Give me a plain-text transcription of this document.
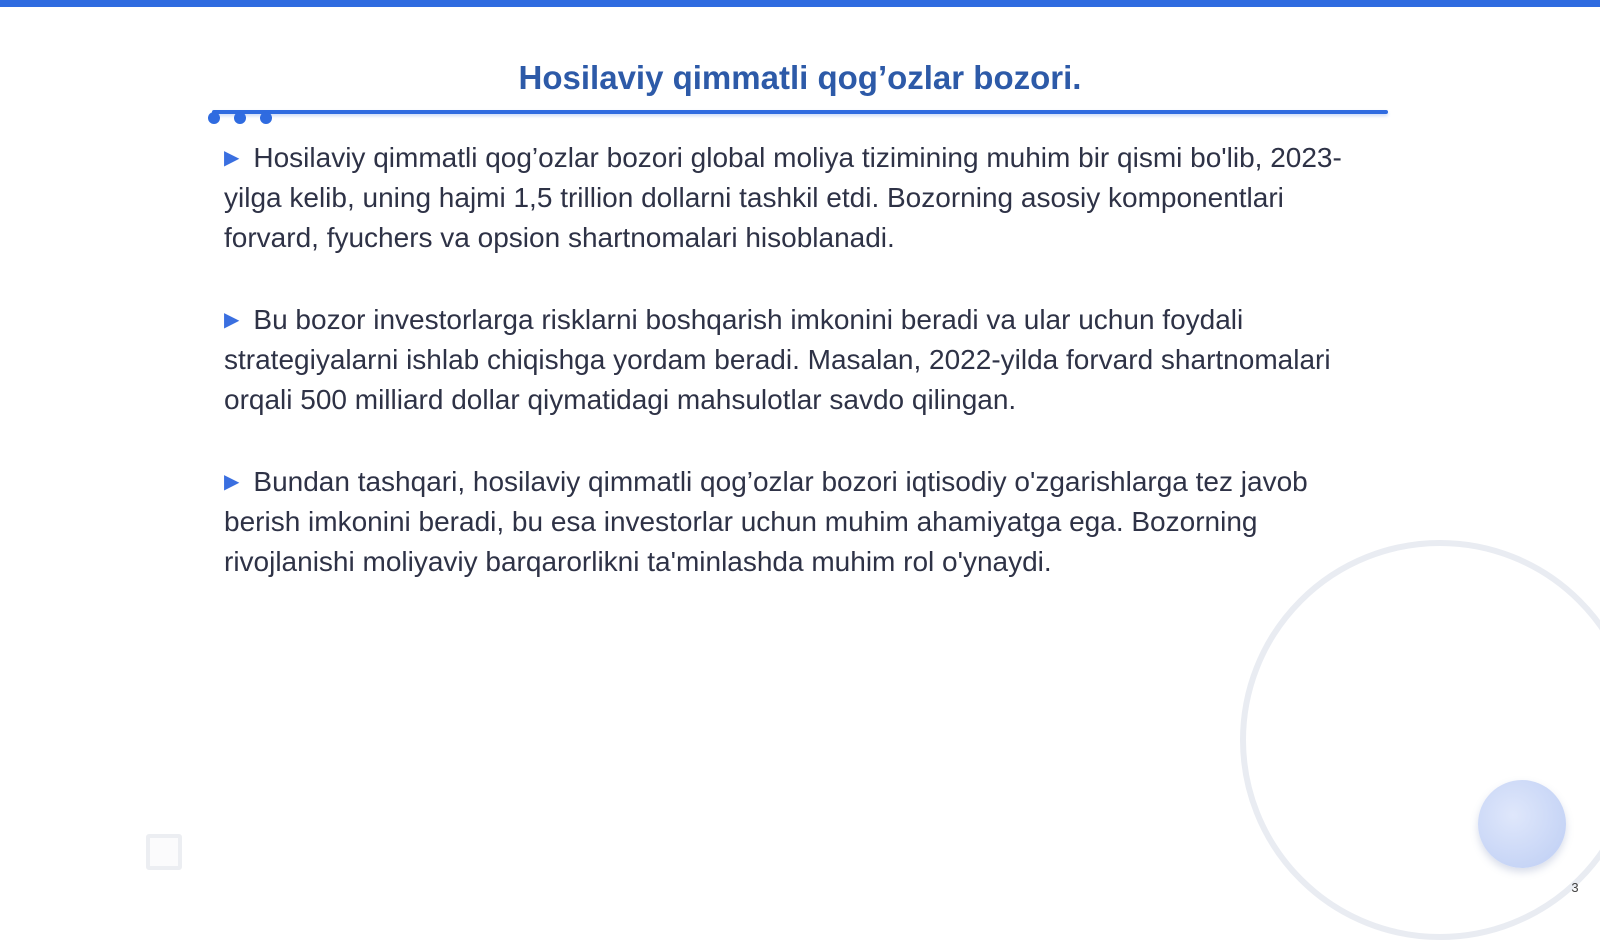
Hosilaviy qimmatli qog’ozlar bozori.

▶ Hosilaviy qimmatli qog’ozlar bozori global moliya tizimining muhim bir qismi bo'lib, 2023-yilga kelib, uning hajmi 1,5 trillion dollarni tashkil etdi. Bozorning asosiy komponentlari forvard, fyuchers va opsion shartnomalari hisoblanadi.

▶ Bu bozor investorlarga risklarni boshqarish imkonini beradi va ular uchun foydali strategiyalarni ishlab chiqishga yordam beradi. Masalan, 2022-yilda forvard shartnomalari orqali 500 milliard dollar qiymatidagi mahsulotlar savdo qilingan.

▶ Bundan tashqari, hosilaviy qimmatli qog’ozlar bozori iqtisodiy o'zgarishlarga tez javob berish imkonini beradi, bu esa investorlar uchun muhim ahamiyatga ega. Bozorning rivojlanishi moliyaviy barqarorlikni ta'minlashda muhim rol o'ynaydi.

3
